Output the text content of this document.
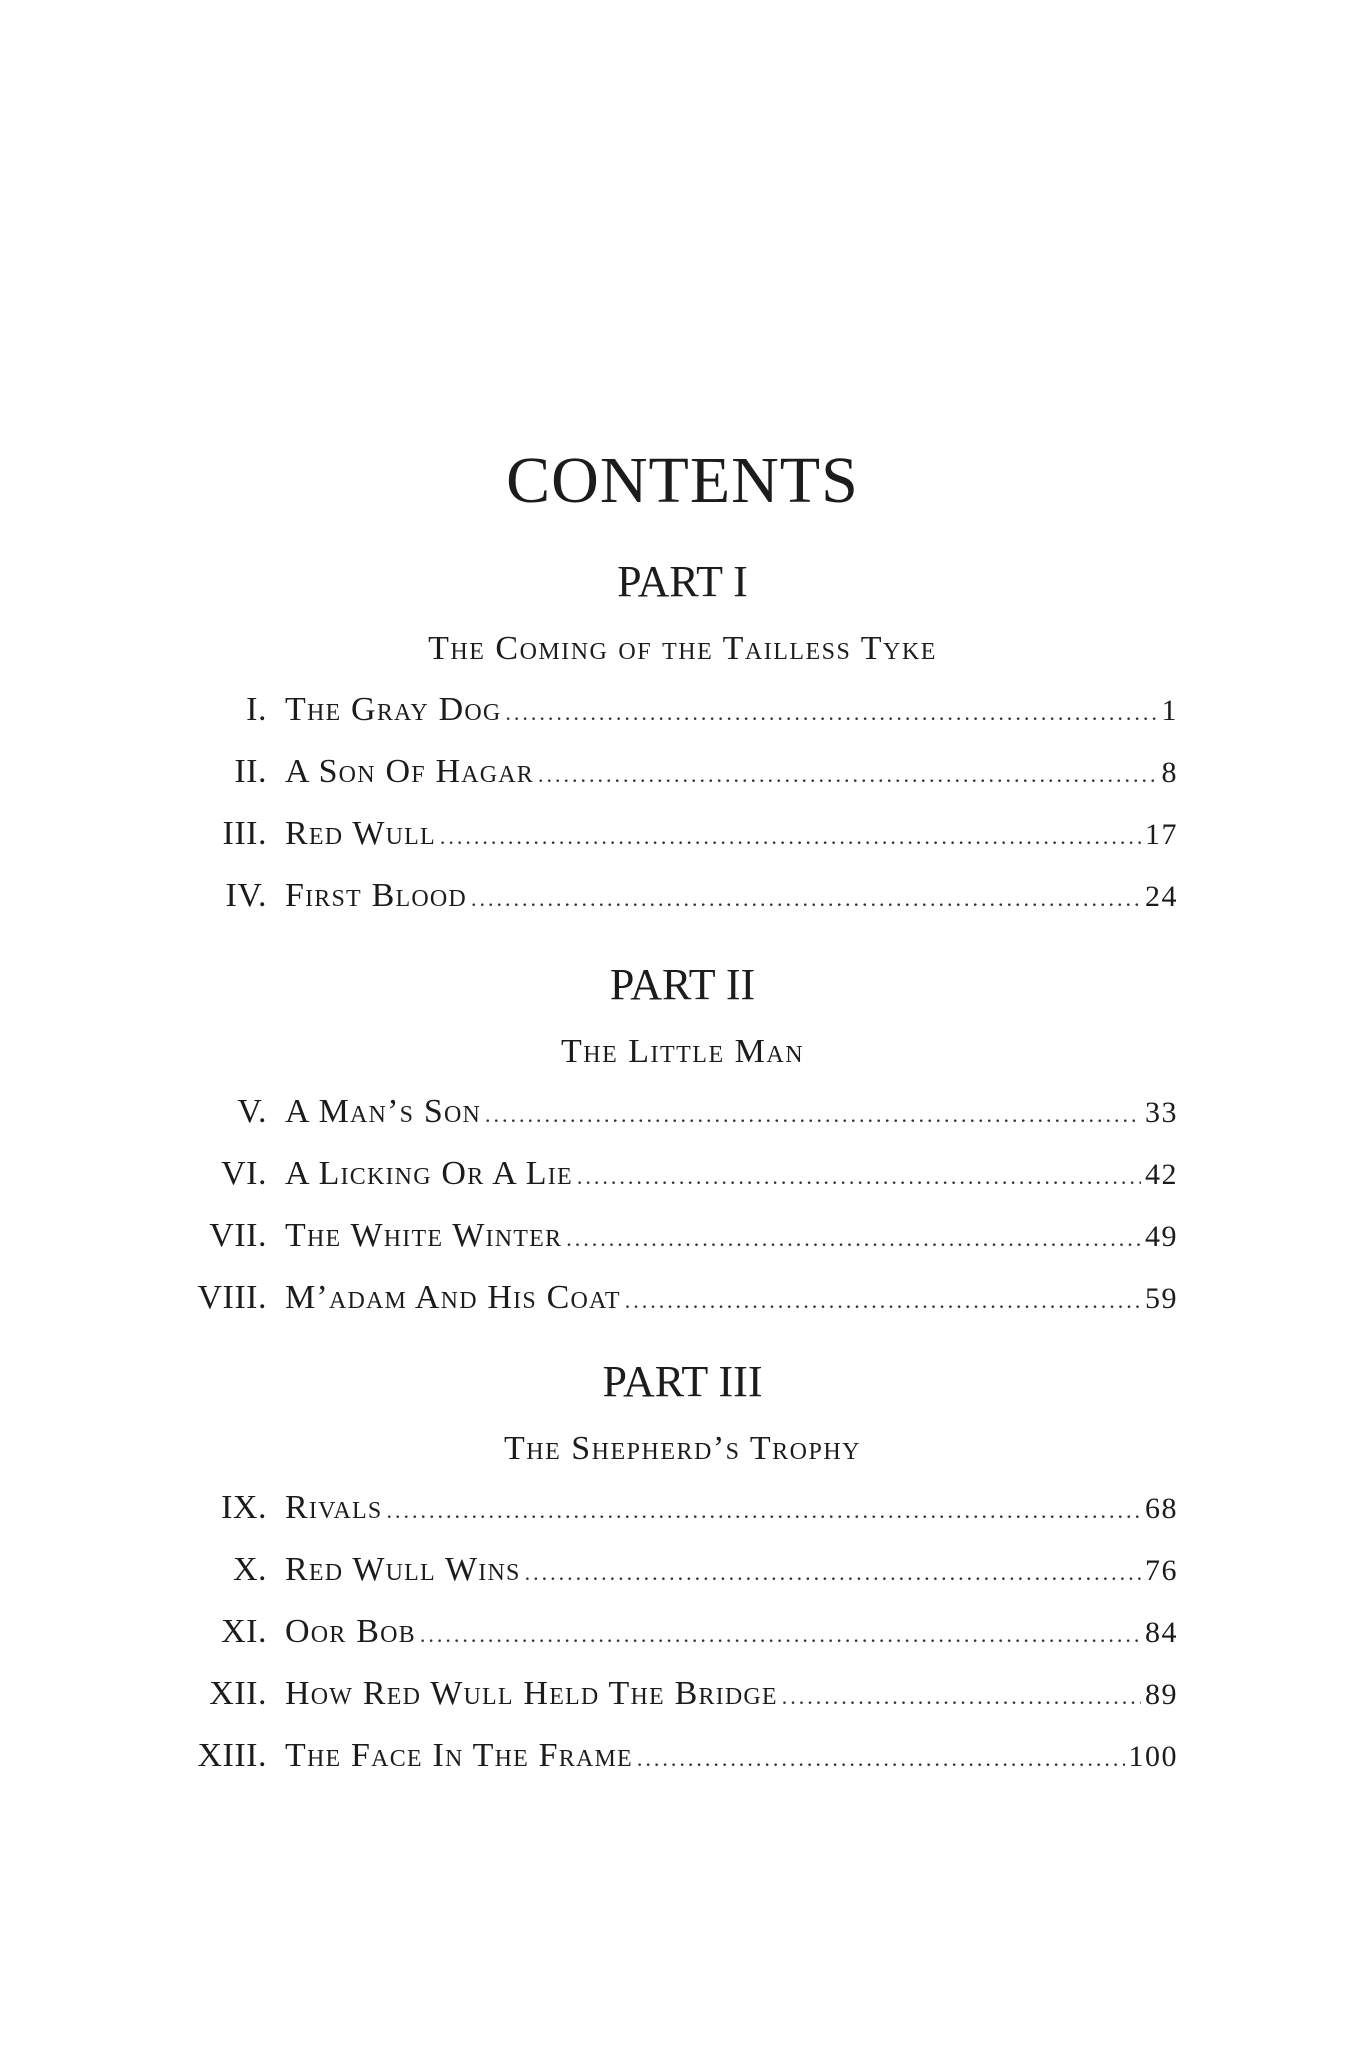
CONTENTS
PART I
The Coming of the Tailless Tyke
I. The Gray Dog .....	1
II. A Son Of Hagar .....	8
III. Red Wull .....	17
IV. First Blood .....	24
PART II
The Little Man
V. A Man’s Son .....	33
VI. A Licking Or A Lie .....	42
VII. The White Winter .....	49
VIII. M’adam And His Coat .....	59
PART III
The Shepherd’s Trophy
IX. Rivals .....	68
X. Red Wull Wins .....	76
XI. Oor Bob .....	84
XII. How Red Wull Held The Bridge .....	89
XIII. The Face In The Frame .....	100
